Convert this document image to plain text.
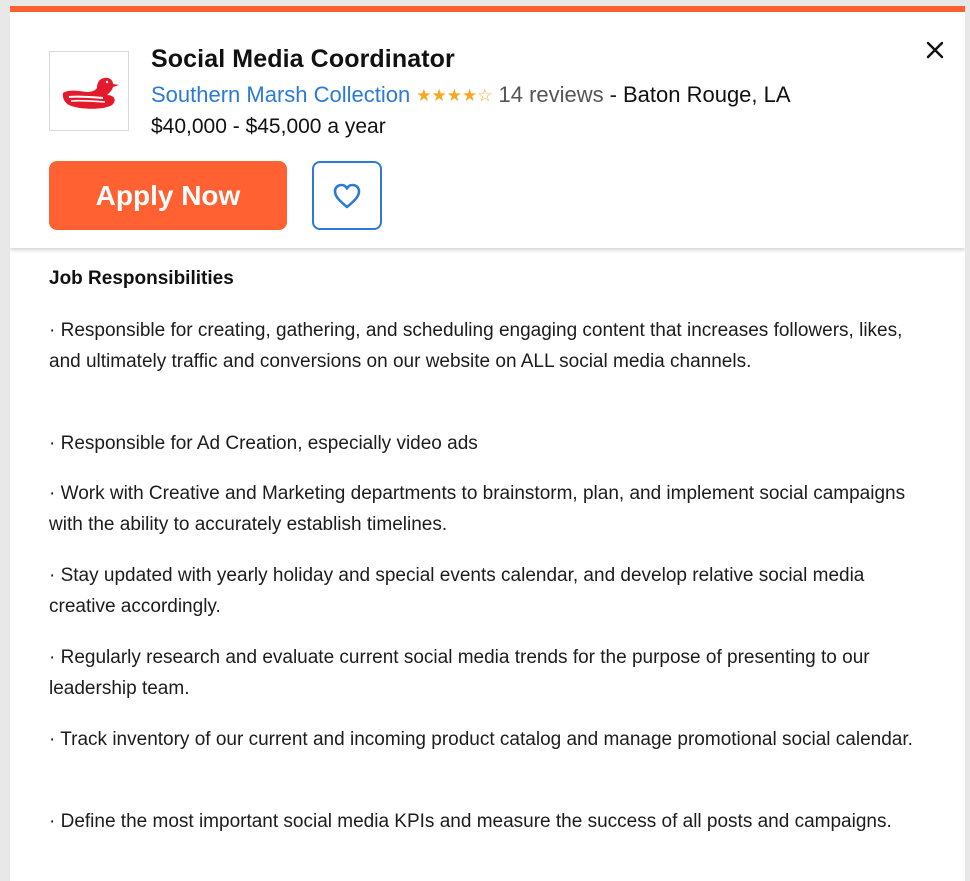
Social Media Coordinator
Southern Marsh Collection ★ ★ ★ ★ ☆ 14 reviews - Baton Rouge, LA
$40,000 - $45,000 a year
Apply Now
Job Responsibilities
· Responsible for creating, gathering, and scheduling engaging content that increases followers, likes, and ultimately traffic and conversions on our website on ALL social media channels.
· Responsible for Ad Creation, especially video ads
· Work with Creative and Marketing departments to brainstorm, plan, and implement social campaigns with the ability to accurately establish timelines.
· Stay updated with yearly holiday and special events calendar, and develop relative social media creative accordingly.
· Regularly research and evaluate current social media trends for the purpose of presenting to our leadership team.
· Track inventory of our current and incoming product catalog and manage promotional social calendar.
· Define the most important social media KPIs and measure the success of all posts and campaigns.
